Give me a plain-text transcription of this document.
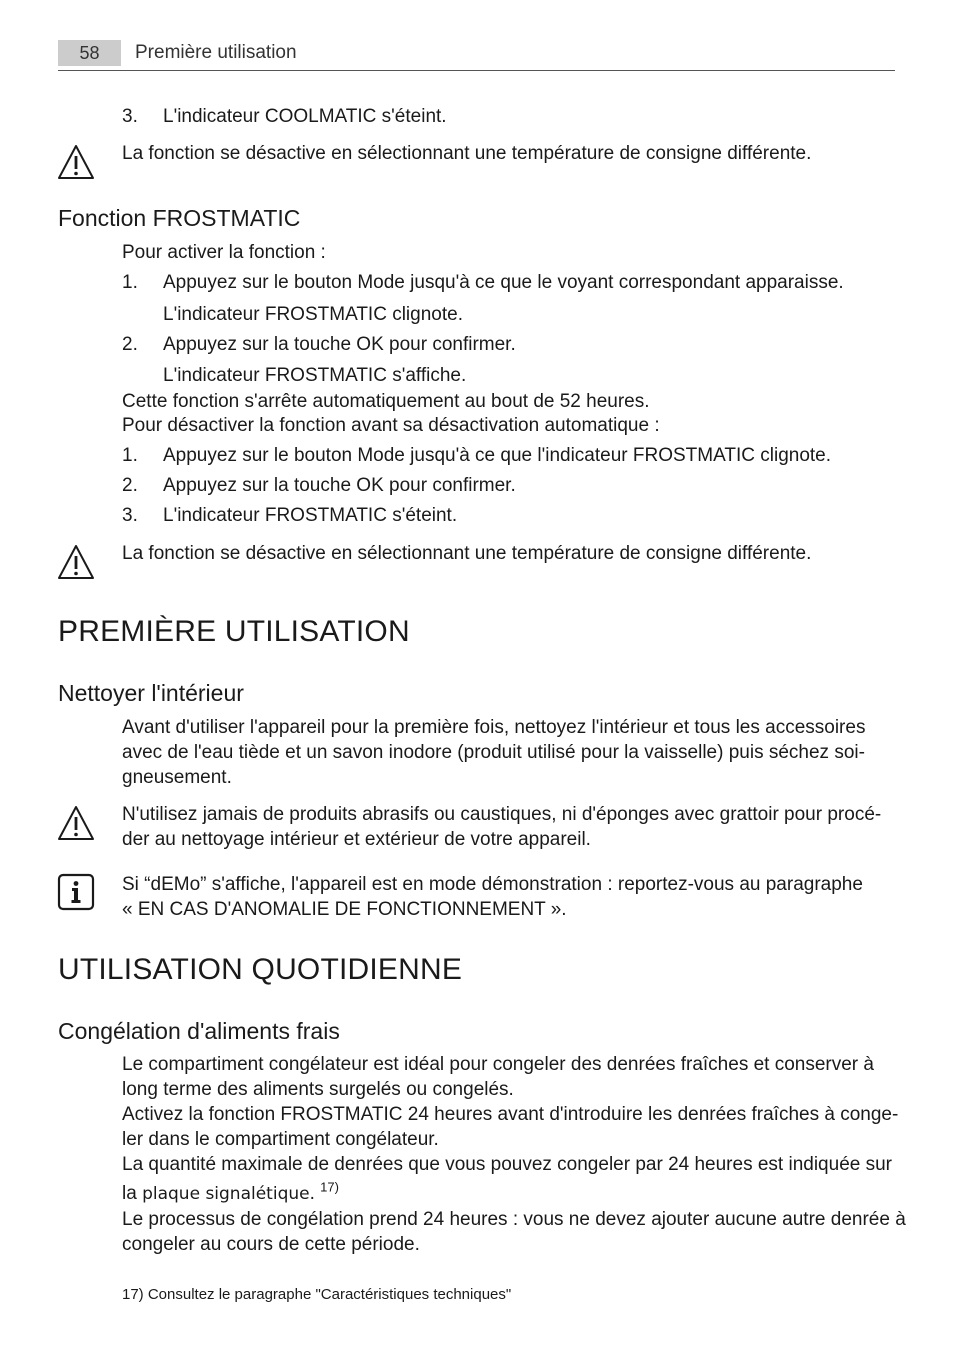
58	Première utilisation
3. L'indicateur COOLMATIC s'éteint.
La fonction se désactive en sélectionnant une température de consigne différente.
Fonction FROSTMATIC
Pour activer la fonction :
1. Appuyez sur le bouton Mode jusqu'à ce que le voyant correspondant apparaisse.
L'indicateur FROSTMATIC clignote.
2. Appuyez sur la touche OK pour confirmer.
L'indicateur FROSTMATIC s'affiche.
Cette fonction s'arrête automatiquement au bout de 52 heures.
Pour désactiver la fonction avant sa désactivation automatique :
1. Appuyez sur le bouton Mode jusqu'à ce que l'indicateur FROSTMATIC clignote.
2. Appuyez sur la touche OK pour confirmer.
3. L'indicateur FROSTMATIC s'éteint.
La fonction se désactive en sélectionnant une température de consigne différente.
PREMIÈRE UTILISATION
Nettoyer l'intérieur
Avant d'utiliser l'appareil pour la première fois, nettoyez l'intérieur et tous les accessoires
avec de l'eau tiède et un savon inodore (produit utilisé pour la vaisselle) puis séchez soi-
gneusement.
N'utilisez jamais de produits abrasifs ou caustiques, ni d'éponges avec grattoir pour procé-
der au nettoyage intérieur et extérieur de votre appareil.
Si “dEMo” s'affiche, l'appareil est en mode démonstration : reportez-vous au paragraphe
« EN CAS D'ANOMALIE DE FONCTIONNEMENT ».
UTILISATION QUOTIDIENNE
Congélation d'aliments frais
Le compartiment congélateur est idéal pour congeler des denrées fraîches et conserver à
long terme des aliments surgelés ou congelés.
Activez la fonction FROSTMATIC 24 heures avant d'introduire les denrées fraîches à conge-
ler dans le compartiment congélateur.
La quantité maximale de denrées que vous pouvez congeler par 24 heures est indiquée sur
la plaque signalétique. $^{17)}$
Le processus de congélation prend 24 heures : vous ne devez ajouter aucune autre denrée à
congeler au cours de cette période.
17) Consultez le paragraphe "Caractéristiques techniques"
